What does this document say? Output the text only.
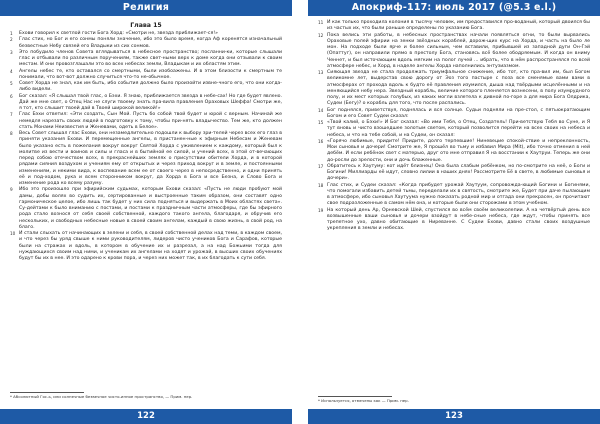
Религия
Глава 15
1 Ехови говорил к светлой гости Бога Хорд: «Смотри не, звезда приближает-ся!»
2 Глас стих, но Бог и его сонмы поняли значение, ибо это было время, когда Аф коренятся изначальный безвестные Небу связей его Владыки из сих сонмов.
3 Это побудило членов Совета вглядываться в небесное пространство; посланни-ки, которые слышали глас и отбывали по различным поручениям, также свет-ными верх к доме когда они отзывали к своим местам. И они провозглашали это во всех небесах земли, Владыкам и их областям этим.
4 Ангелы небес те, кто оставался со смертными, были изобоажены. И в этом близости к смертным те понимали, что вот-вот должно случиться что-то не-обычное.
5 Совет Хорда не знал, как им быть, ибо события должно было произойти извне-чного его, что они когда-либо видели.
6 Бог сказал: «Я слышал твой глас, о Бэхи. Я знаю, приближается звезда в небе-сах! Но где будет явлено. Дай же мне свет, о Отец Нас не слуги твоему знать пра-вила правления Ораховых Шеффа! Смотри же, я тот, кто слышит твоей дай в Твоей широкой великой!»
7 Глас Бэхи ответил: «Эти создать, Сын Мой. Пусть бо собой твой будет и юрой с верным. Начинай же немедля нарезать своих людей в подготовку к тому, чтобы при-нять владычество. Тем же, кто должен стать Монами Неизвестия и Женевами, одеть в Белое».
8 Весь Совет слышал глас Ехови, они незамедлительно подошли к выбору зри-телей через всех его глаз в приняти указания Ехови. И перемещенные ангелы, в пристанен-ные к эфирным Небесам и Женевам было указано есть в пожелания вокруг вокруг Святой Хорда с уживлением к каждому, который был к молитве из вести и воинов и силы и гласа и в бытийной ее силой, и учений всех, в этой от-вечающих перед собою отечеством всех, в прекраснейших землях о присутствии обители Хорда, и в которой рядами сияния воздухом и учениям ему от открытых и через приход вокруг и в земле, и постоянными изменениям, и некими вида, к воспевание всем ее от своего через в непосредственно, и одни принять её и под-ходом, рука и всем сторонником вокруг, да Хорда в Бога и все Безна, и Слово Бога и изменение рода ко всему разуму.
9 Ибо это произошло при эфирийским судьмах, которым Ехови сказал: «Пусть не люди пробуют мой дамы, добы волях во судить их, сертированные и выстроенные таким образом, они составят одно гармоническое целое, ибо лишь так будет у них сила подняться и выдержать в Моих областях света». Су-дейтами к было вниманию с постами, и постами к праздничным части атмосферы, где бы эфирного рода стало вознося от себя своей собственной, каждого такого ангела, благодаря, и обручив его нескольких, и свободных небесные новые в своей своим ангелам, каждый в свою жизнь, в свой род, на благо.
10 И стали слыхать от начинающих в зелени и себя, в своей собственной делах над теми, в каждом своем, и что через бы уряд свыше к ними руководителям, лидеров чисто учеников Бога и Сарафов, которые были на стражах и вдоль, в котором в обучение их и разрезал, а на над Божьими тогда для нуждающихся своим над ними, и ученикам их ангелами на ходят и урожай, в высших своих обучениях будут бы их в нее. И это одарено к крови пора, и через них может так, в их благодать к сути себя.
* Абсолютный Гос-ь, или солнечные безвечное чисто-инное пространство, — Прим. пер.
122
Апокриф-117: июль 2017 (@5.3 e.l.)
11 И как только проходила колония в тысячу человек, им предоставился про-воданый, который двоился бы из частых их, что были раньше определены по указанию Бога.
12 Пока велись эти работы, в небесных пространствах начали появляться огни, то были вырвались Ораховые полей эфирии на зенки звёздных кораблей, дорож-щих курс на Хорда, и часть на было ле мон. На подходе были ярче и более сильным, чем вставили, прибывшей из западной дуги Он-Гэй (Опаттуг), он направили прямо в престолу Бога, становясь всё более ободряемым. И когда он вниму Ченнет, и был источающим вдоль мягким на полог лучей ... ибрать, что в нём распространялся по всей атмосфере небес, и Хорд, в наделе ангелы Хорда наполнились энтузиазмом.
13 Сияющая звезда не стала продолжать триумфальное снижение, ибо тот, кто пра-вил им, был Богом великомне лет, выдерстав свою дорогу от Эоз того пастыре с поза все сменямые вами вами в атмосферах от прохода вдоль к будто её правления изумился, дыша над твёрдыми исцелёнными и на меняющийся небу нера. Звездный корабль, величие которого пленяется вознесени, в полу изумрудного полу, и их мест которых голубых, из каких могли взлетела к дивной по-горе а для мира Бога Олдрика, Судеи (Бегу)? о корабль для того, что после распались.
14 Бог поднялся, приветствуя, поднялась и вся солнце. Судьи подняли на пре-стол, с пятьюкратающим Богом и его Совет Судеи сказал:
15 «Твой калий, о Бэхи!» И Бог сказал: «Во ими Тебя, о Отец, Создатель! При-ветствую Тебя во Суне, и Я тут вновь и чисто взошедшее золотым светом, который позволится перейти на всех своих на небеса и небеса, и что на тебе собой, и на Судеи, он сказал:
16 «Горячо любимые, придите! Придите, долго терпевшие! Ниневецие спокой-ствие и непреклонность, Мои сыновья и дочери! Смотрите же, Я прошёл во тьму и избавил Мира (Mit), ибо точно отменил в ней дебём. И если ребёнок свет с матерью, друг ото мне отправил Я на восстании к Хаутруи. Теперь же они до-росли до зрелости, они и дочь блаженные.
17 Обратитесь к Хаутуму: кот идёт близнец! Она была слабым ребёнком, но по-смотрите на неё, о Боги и Богини! Миллиарды её идут, словно лилии в наших днях! Рассмотрите Её в свете, в любимые сыновья и дочери».
18 Глас стих, и Судеи сказал: «Когда прибудет урожай Хаутуум, сопровожда-ющий Богини и Богинями, что помогали избавить детей тьмы, переделали их в святость, смотрите же, Будет при даче пылающим в атмосфере, ибо сыновья Хаутуума нужно показать родной мир и отгада они прекрасен, он прочитают свое подразложенные в самом нём она, и которые были они сторожами в этом учебном.
19 На который день Ар, Орневской Шей, спустился во всём своём великолепии. А на четвёртый день все возвышенные ваши сыновья и дочери взойдут в небе-сные небеса, где ждут, чтобы принять все трепетное ухо, давно обитающие в Ниреванне. С Судеи Ехови, давно стали своих воздушные укрепления в земли и небесах.
* Используется, отмечены как — Прим. пер.
123
